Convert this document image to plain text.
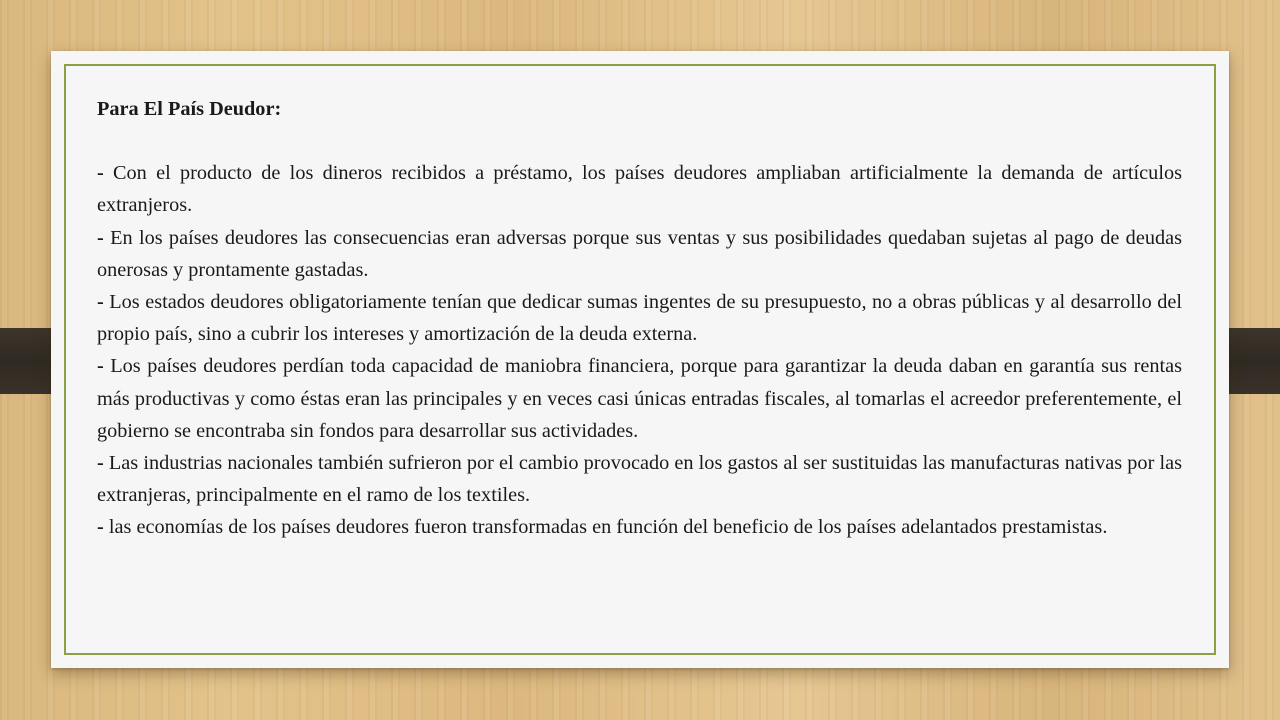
Para El País Deudor:

- Con el producto de los dineros recibidos a préstamo, los países deudores ampliaban artificialmente la demanda de artículos extranjeros.

- En los países deudores las consecuencias eran adversas porque sus ventas y sus posibilidades quedaban sujetas al pago de deudas onerosas y prontamente gastadas.

- Los estados deudores obligatoriamente tenían que dedicar sumas ingentes de su presupuesto, no a obras públicas y al desarrollo del propio país, sino a cubrir los intereses y amortización de la deuda externa.

- Los países deudores perdían toda capacidad de maniobra financiera, porque para garantizar la deuda daban en garantía sus rentas más productivas y como éstas eran las principales y en veces casi únicas entradas fiscales, al tomarlas el acreedor preferentemente, el gobierno se encontraba sin fondos para desarrollar sus actividades.

- Las industrias nacionales también sufrieron por el cambio provocado en los gastos al ser sustituidas las manufacturas nativas por las extranjeras, principalmente en el ramo de los textiles.

- las economías de los países deudores fueron transformadas en función del beneficio de los países adelantados prestamistas.
